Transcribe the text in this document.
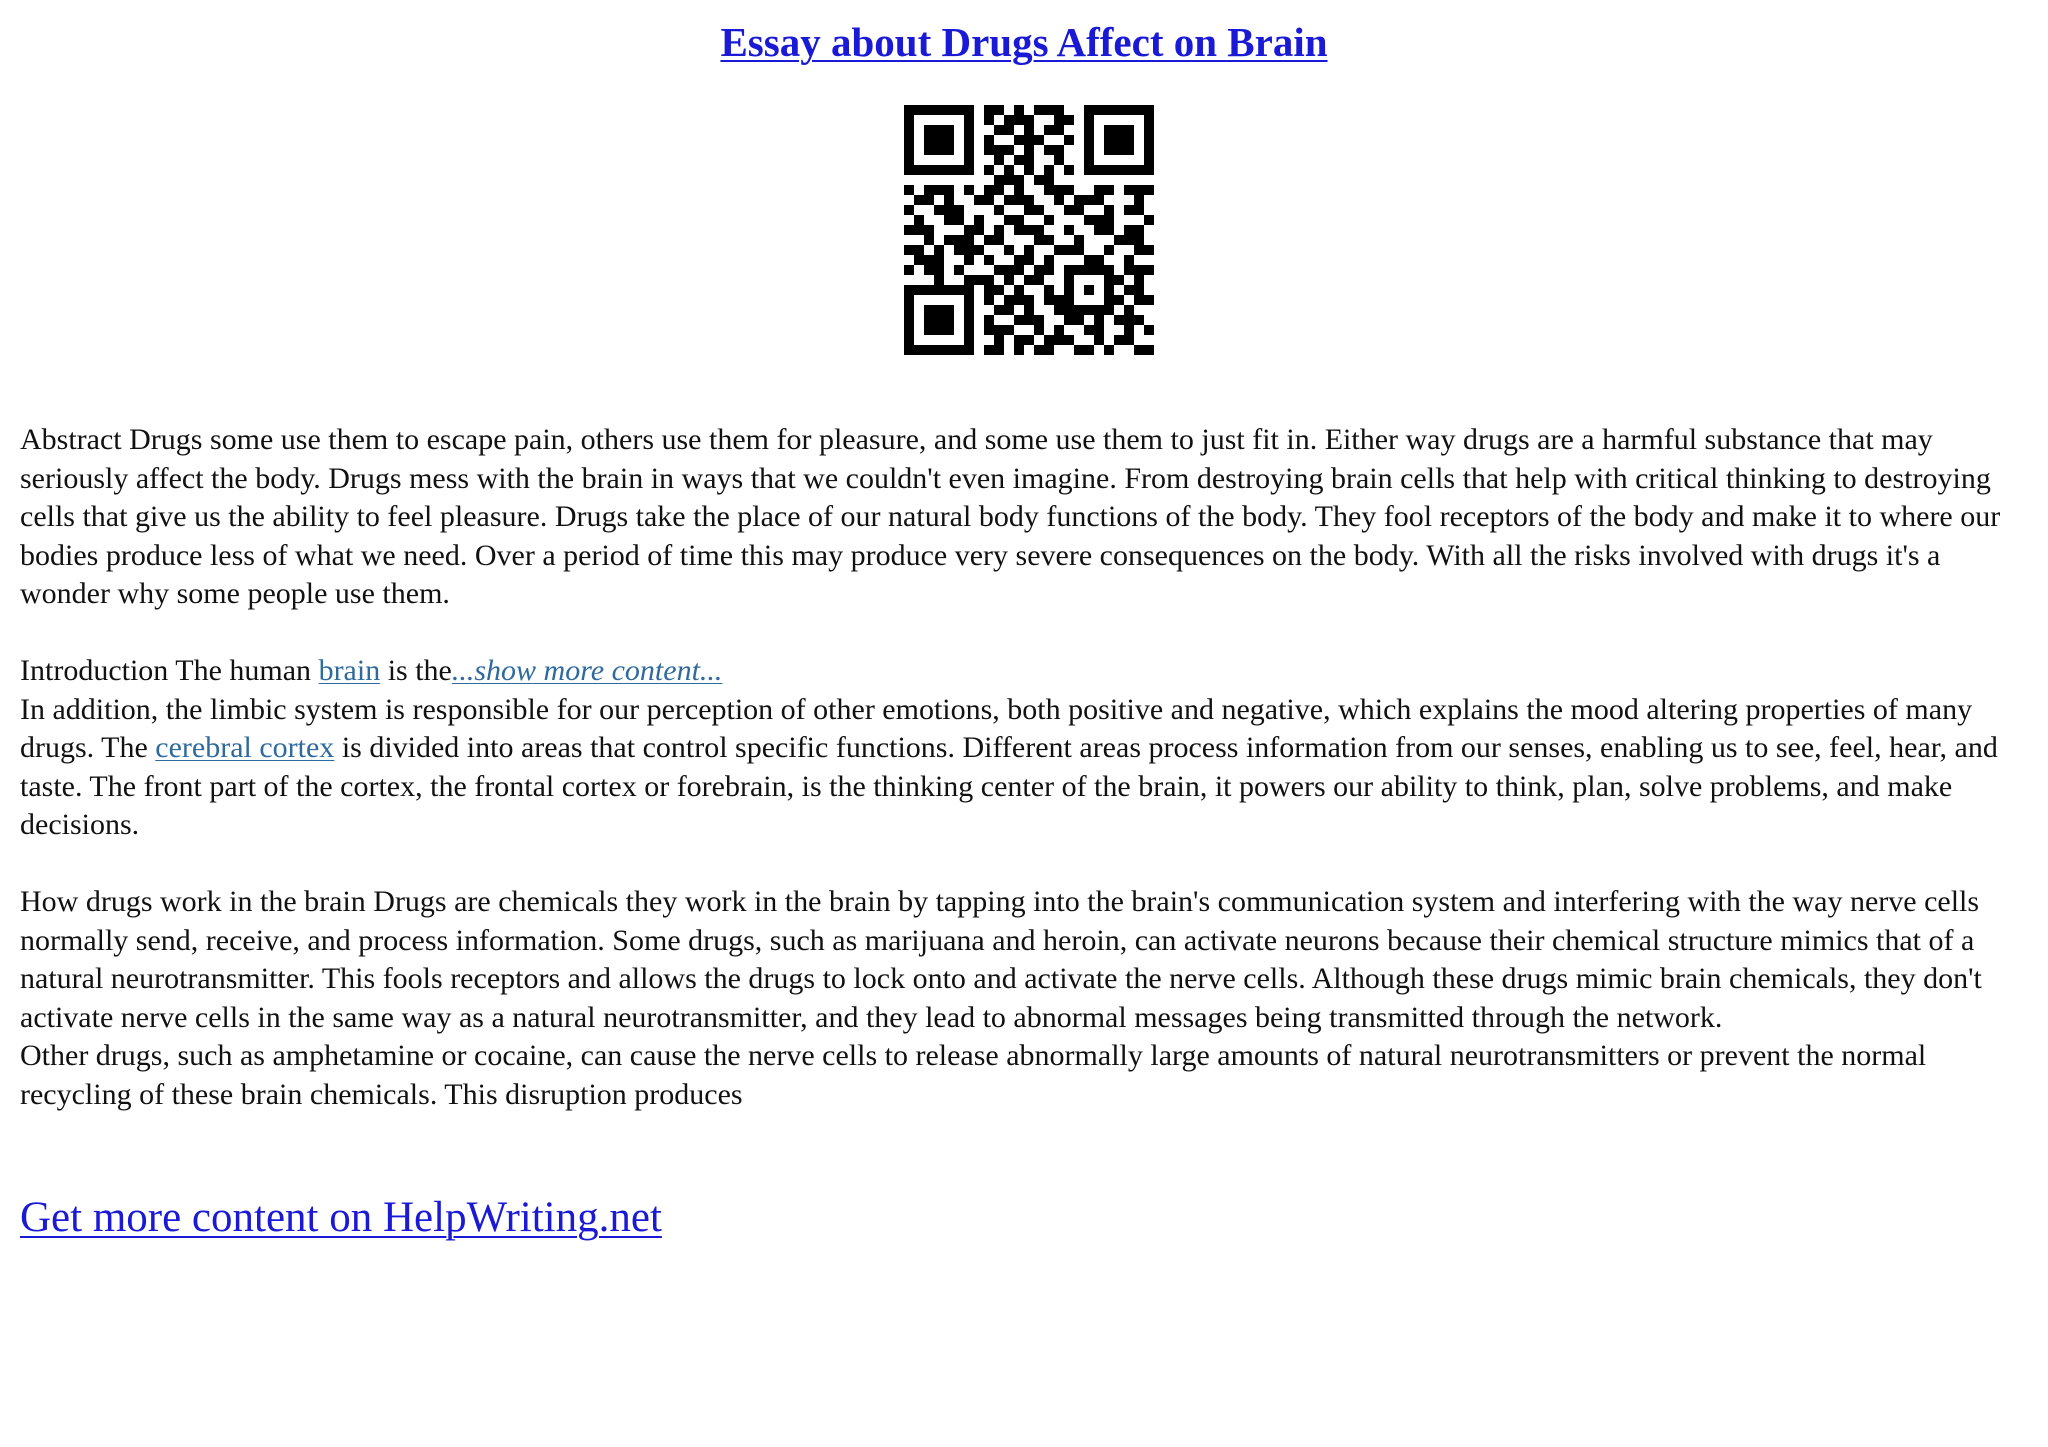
Essay about Drugs Affect on Brain
Abstract Drugs some use them to escape pain, others use them for pleasure, and some use them to just fit in. Either way drugs are a harmful substance that may seriously affect the body. Drugs mess with the brain in ways that we couldn't even imagine. From destroying brain cells that help with critical thinking to destroying cells that give us the ability to feel pleasure. Drugs take the place of our natural body functions of the body. They fool receptors of the body and make it to where our bodies produce less of what we need. Over a period of time this may produce very severe consequences on the body. With all the risks involved with drugs it's a wonder why some people use them.
Introduction The human brain is the...show more content...
In addition, the limbic system is responsible for our perception of other emotions, both positive and negative, which explains the mood altering properties of many drugs. The cerebral cortex is divided into areas that control specific functions. Different areas process information from our senses, enabling us to see, feel, hear, and taste. The front part of the cortex, the frontal cortex or forebrain, is the thinking center of the brain, it powers our ability to think, plan, solve problems, and make decisions.
How drugs work in the brain Drugs are chemicals they work in the brain by tapping into the brain's communication system and interfering with the way nerve cells normally send, receive, and process information. Some drugs, such as marijuana and heroin, can activate neurons because their chemical structure mimics that of a natural neurotransmitter. This fools receptors and allows the drugs to lock onto and activate the nerve cells. Although these drugs mimic brain chemicals, they don't activate nerve cells in the same way as a natural neurotransmitter, and they lead to abnormal messages being transmitted through the network.
Other drugs, such as amphetamine or cocaine, can cause the nerve cells to release abnormally large amounts of natural neurotransmitters or prevent the normal recycling of these brain chemicals. This disruption produces
Get more content on HelpWriting.net
